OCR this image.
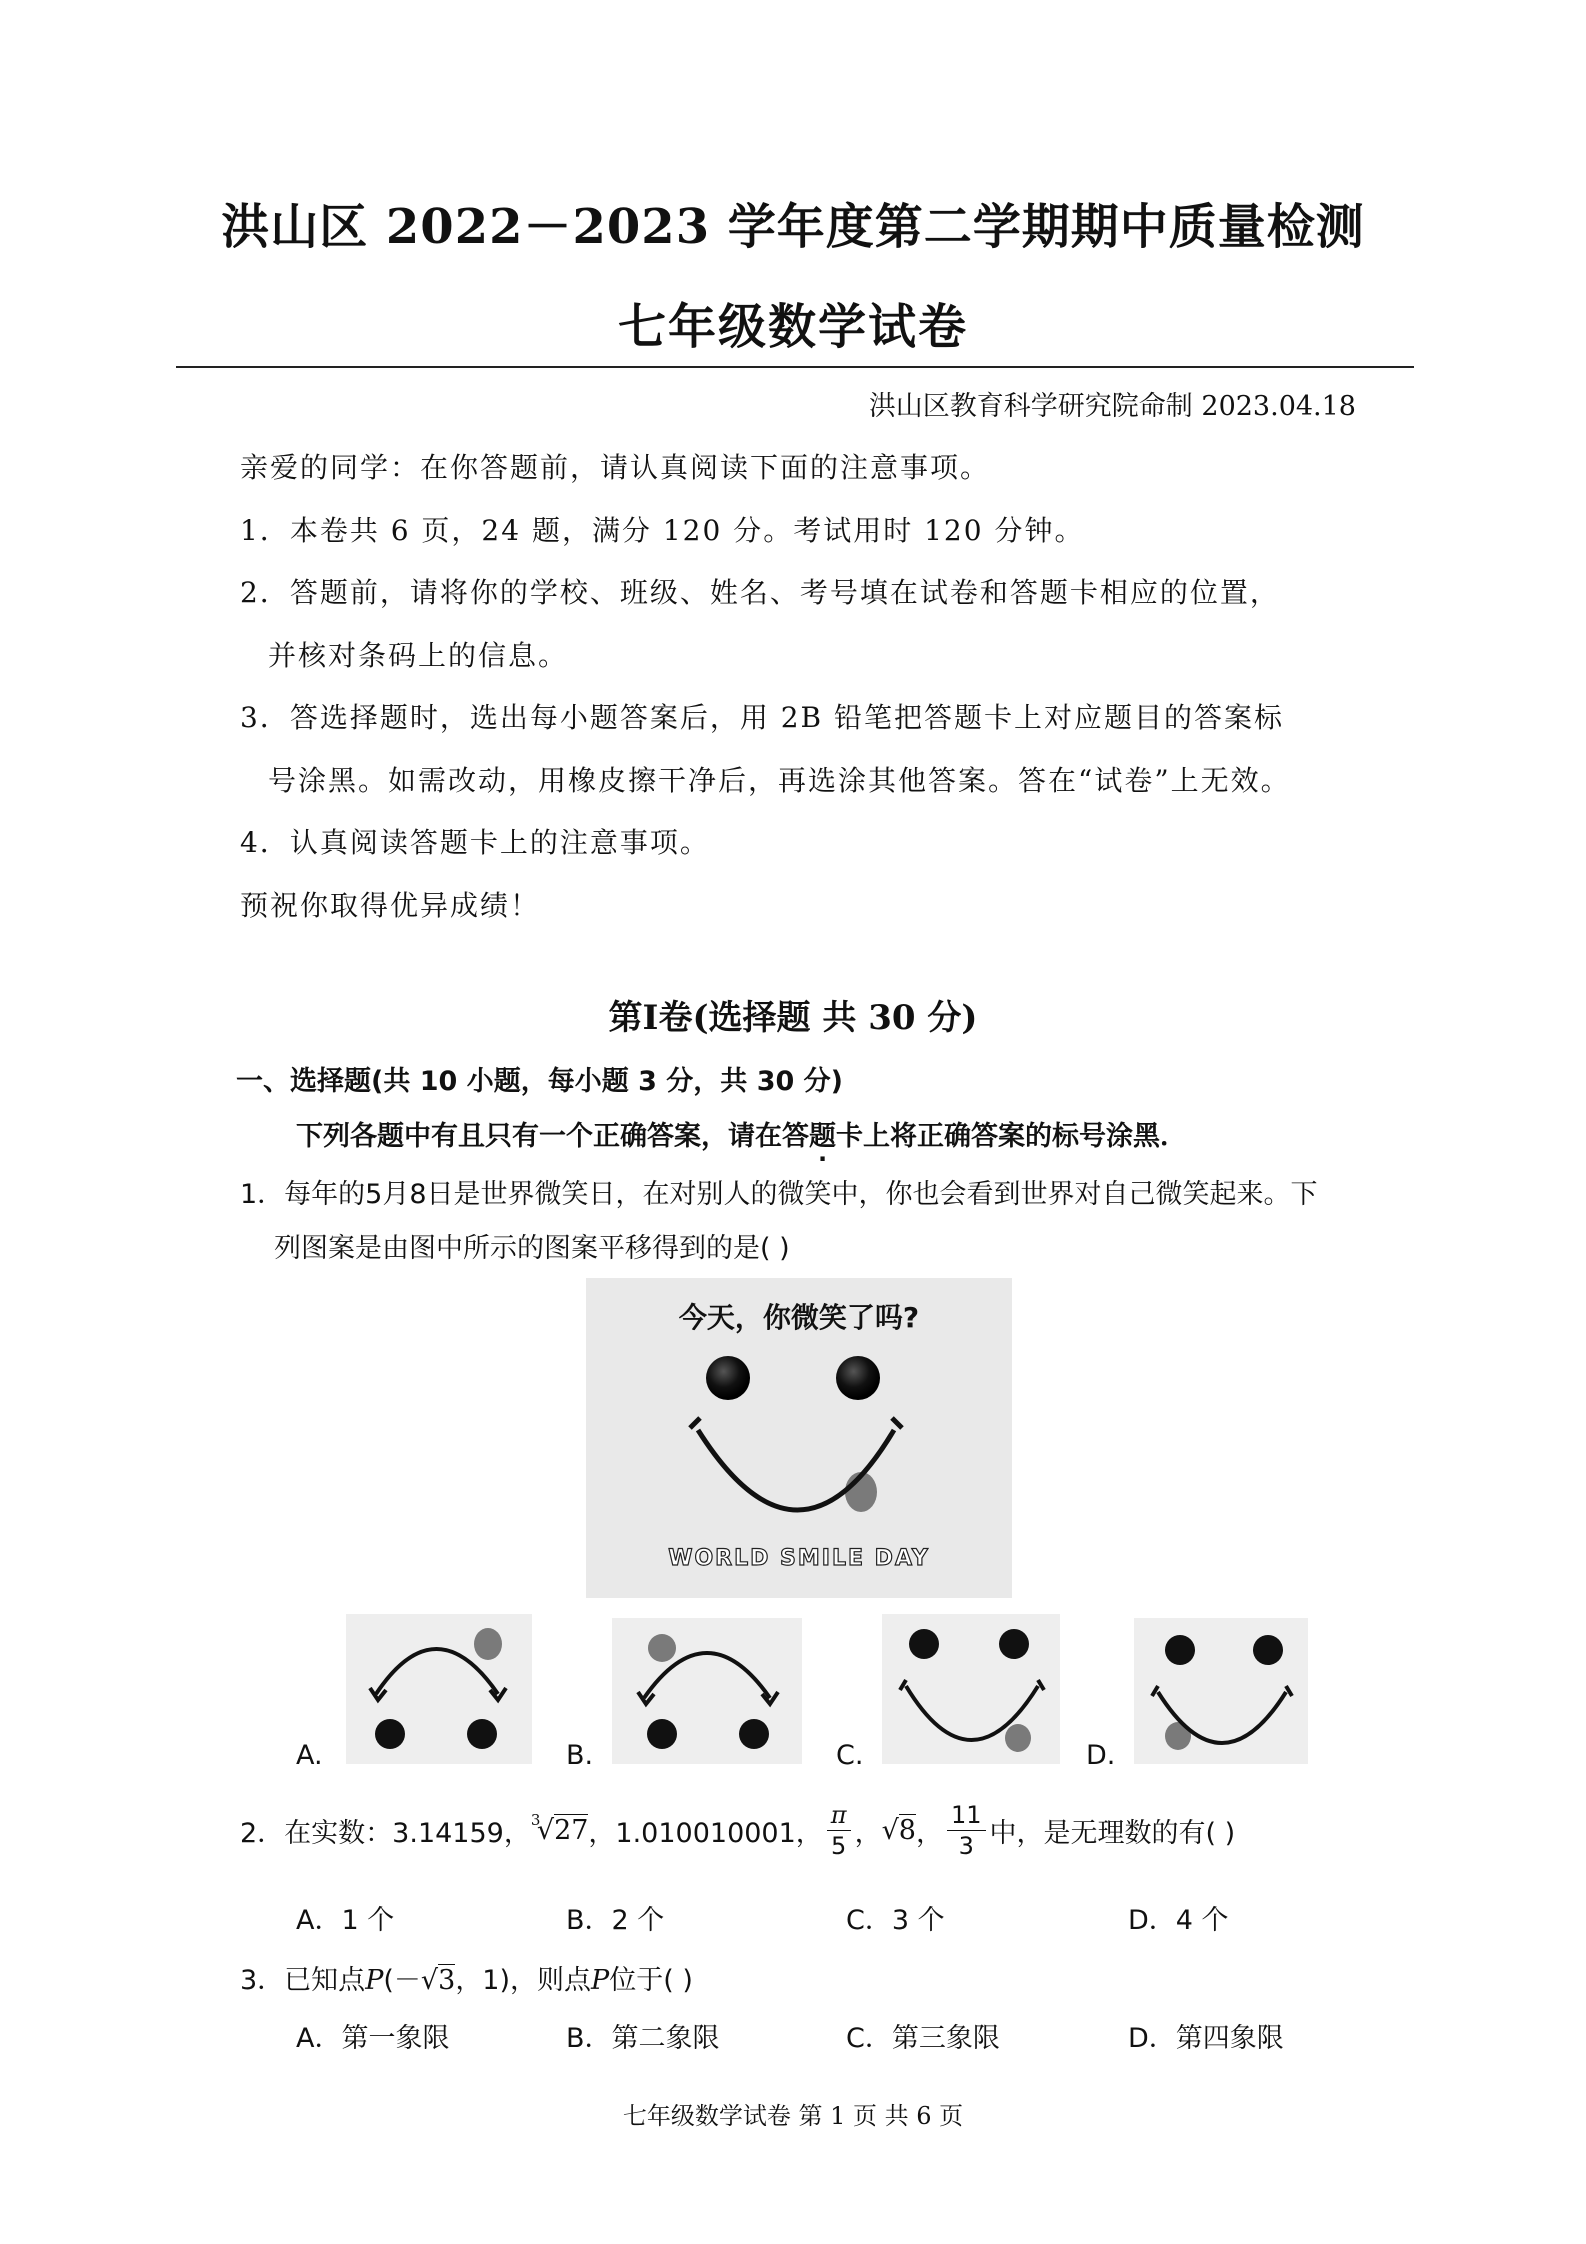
洪山区 2022－2023 学年度第二学期期中质量检测
七年级数学试卷
洪山区教育科学研究院命制 2023.04.18
亲爱的同学：在你答题前，请认真阅读下面的注意事项。
1．本卷共 6 页，24 题，满分 120 分。考试用时 120 分钟。
2．答题前，请将你的学校、班级、姓名、考号填在试卷和答题卡相应的位置，
并核对条码上的信息。
3．答选择题时，选出每小题答案后，用 2B 铅笔把答题卡上对应题目的答案标
号涂黑。如需改动，用橡皮擦干净后，再选涂其他答案。答在“试卷”上无效。
4．认真阅读答题卡上的注意事项。
预祝你取得优异成绩！
第I卷(选择题 共 30 分)
一、选择题(共 10 小题，每小题 3 分，共 30 分)
下列各题中有且只有一个正确答案，请在答题卡上将正确答案的标号涂黑．
1．每年的5月8日是世界微笑日，在对别人的微笑中，你也会看到世界对自己微笑起来。下
列图案是由图中所示的图案平移得到的是( )
今天，你微笑了吗?
WORLD SMILE DAY
A.	B.	C.	D.
2．在实数：3.14159， 3
√27 ，1.010010001， $\frac{\pi}{5}$ ， √8 ， $\frac{11}{3}$ 中，是无理数的有( )
A．1 个	B．2 个	C．3 个	D．4 个
3．已知点P(－√3，1)，则点P位于( )
A．第一象限	B．第二象限	C．第三象限	D．第四象限
七年级数学试卷 第 1 页 共 6 页
